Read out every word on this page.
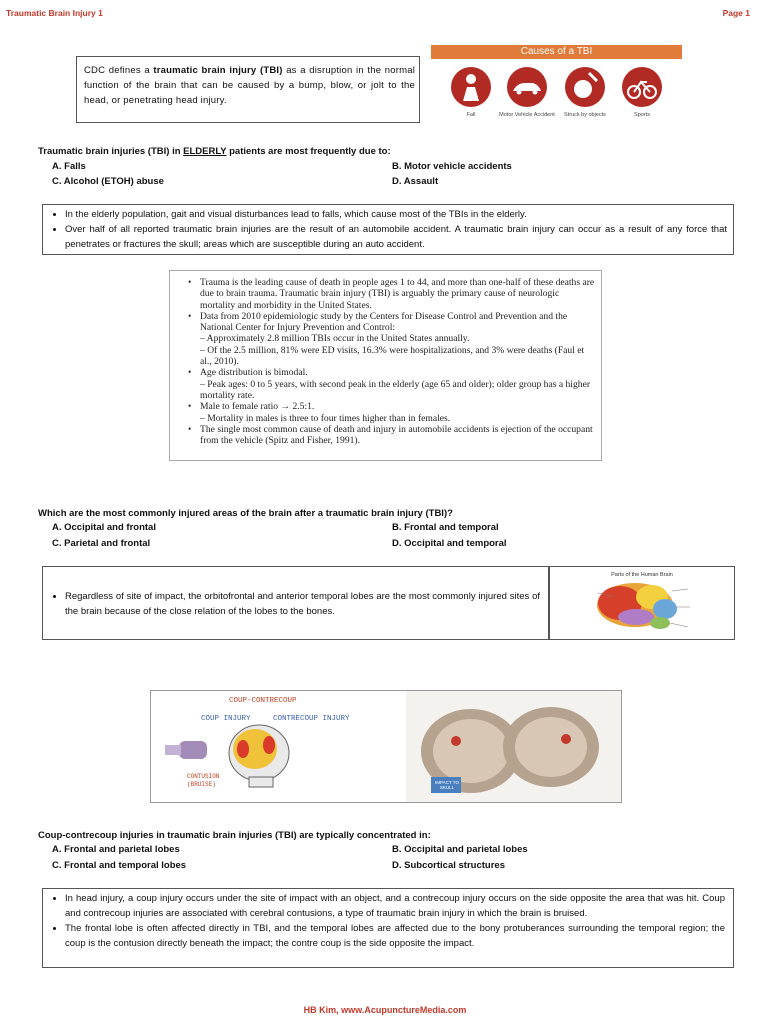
Traumatic Brain Injury 1	Page 1
CDC defines a traumatic brain injury (TBI) as a disruption in the normal function of the brain that can be caused by a bump, blow, or jolt to the head, or penetrating head injury.
Causes of a TBI
Fall	Motor Vehicle Accident	Struck by objects	Sports
Traumatic brain injuries (TBI) in ELDERLY patients are most frequently due to:
A. Falls	B. Motor vehicle accidents
C. Alcohol (ETOH) abuse	D. Assault
• In the elderly population, gait and visual disturbances lead to falls, which cause most of the TBIs in the elderly.
• Over half of all reported traumatic brain injuries are the result of an automobile accident. A traumatic brain injury can occur as a result of any force that penetrates or fractures the skull; areas which are susceptible during an auto accident.
• Trauma is the leading cause of death in people ages 1 to 44, and more than one-half of these deaths are due to brain trauma. Traumatic brain injury (TBI) is arguably the primary cause of neurologic mortality and morbidity in the United States.
• Data from 2010 epidemiologic study by the Centers for Disease Control and Prevention and the National Center for Injury Prevention and Control:
– Approximately 2.8 million TBIs occur in the United States annually.
– Of the 2.5 million, 81% were ED visits, 16.3% were hospitalizations, and 3% were deaths (Faul et al., 2010).
• Age distribution is bimodal.
– Peak ages: 0 to 5 years, with second peak in the elderly (age 65 and older); older group has a higher mortality rate.
• Male to female ratio → 2.5:1.
– Mortality in males is three to four times higher than in females.
• The single most common cause of death and injury in automobile accidents is ejection of the occupant from the vehicle (Spitz and Fisher, 1991).
Which are the most commonly injured areas of the brain after a traumatic brain injury (TBI)?
A. Occipital and frontal	B. Frontal and temporal
C. Parietal and frontal	D. Occipital and temporal
• Regardless of site of impact, the orbitofrontal and anterior temporal lobes are the most commonly injured sites of the brain because of the close relation of the lobes to the bones.
Parts of the Human Brain
COUP-CONTRECOUP
COUP INJURY	CONTRECOUP INJURY
CONTUSION (BRUISE)	IMPACT TO SKULL
Coup-contrecoup injuries in traumatic brain injuries (TBI) are typically concentrated in:
A. Frontal and parietal lobes	B. Occipital and parietal lobes
C. Frontal and temporal lobes	D. Subcortical structures
• In head injury, a coup injury occurs under the site of impact with an object, and a contrecoup injury occurs on the side opposite the area that was hit. Coup and contrecoup injuries are associated with cerebral contusions, a type of traumatic brain injury in which the brain is bruised.
• The frontal lobe is often affected directly in TBI, and the temporal lobes are affected due to the bony protuberances surrounding the temporal region; the coup is the contusion directly beneath the impact; the contre coup is the side opposite the impact.
HB Kim, www.AcupunctureMedia.com
